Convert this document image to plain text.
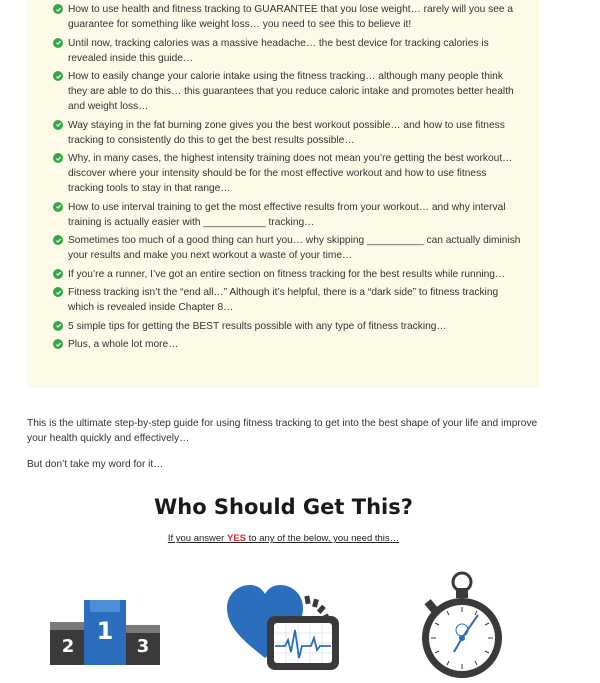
How to use health and fitness tracking to GUARANTEE that you lose weight… rarely will you see a guarantee for something like weight loss… you need to see this to believe it!
Until now, tracking calories was a massive headache… the best device for tracking calories is revealed inside this guide…
How to easily change your calorie intake using the fitness tracking… although many people think they are able to do this… this guarantees that you reduce caloric intake and promotes better health and weight loss…
Way staying in the fat burning zone gives you the best workout possible… and how to use fitness tracking to consistently do this to get the best results possible…
Why, in many cases, the highest intensity training does not mean you’re getting the best workout… discover where your intensity should be for the most effective workout and how to use fitness tracking tools to stay in that range…
How to use interval training to get the most effective results from your workout… and why interval training is actually easier with ___________ tracking…
Sometimes too much of a good thing can hurt you… why skipping __________ can actually diminish your results and make you next workout a waste of your time…
If you’re a runner, I’ve got an entire section on fitness tracking for the best results while running…
Fitness tracking isn’t the “end all…” Although it’s helpful, there is a “dark side” to fitness tracking which is revealed inside Chapter 8…
5 simple tips for getting the BEST results possible with any type of fitness tracking…
Plus, a whole lot more…

This is the ultimate step-by-step guide for using fitness tracking to get into the best shape of your life and improve your health quickly and effectively…

But don’t take my word for it…

Who Should Get This?
If you answer YES to any of the below, you need this…
2
1
3
